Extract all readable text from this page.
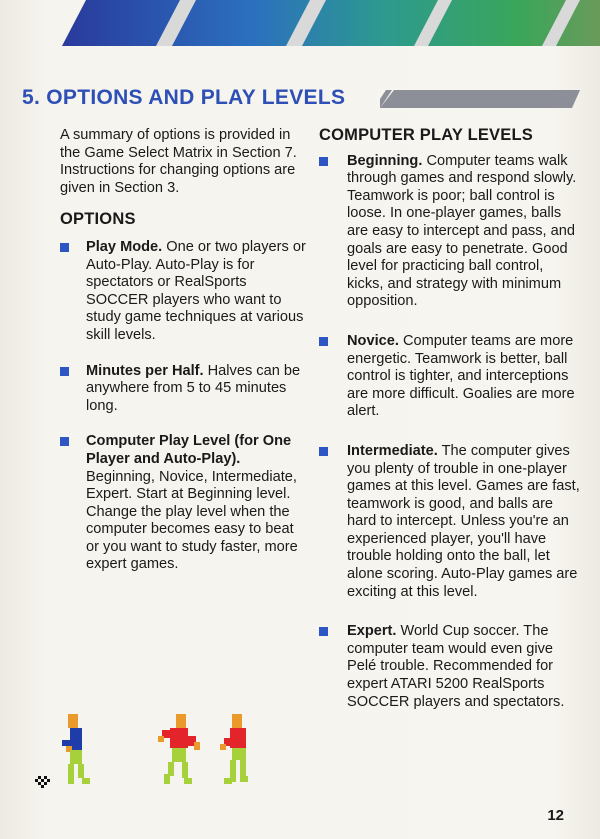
5. OPTIONS AND PLAY LEVELS

A summary of options is provided in the Game Select Matrix in Section 7. Instructions for changing options are given in Section 3.

OPTIONS
Play Mode. One or two players or Auto-Play. Auto-Play is for spectators or RealSports SOCCER players who want to study game techniques at various skill levels.
Minutes per Half. Halves can be anywhere from 5 to 45 minutes long.
Computer Play Level (for One Player and Auto-Play). Beginning, Novice, Intermediate, Expert. Start at Beginning level. Change the play level when the computer becomes easy to beat or you want to study faster, more expert games.
COMPUTER PLAY LEVELS
Beginning. Computer teams walk through games and respond slowly. Teamwork is poor; ball control is loose. In one-player games, balls are easy to intercept and pass, and goals are easy to penetrate. Good level for practicing ball control, kicks, and strategy with minimum opposition.
Novice. Computer teams are more energetic. Teamwork is better, ball control is tighter, and interceptions are more difficult. Goalies are more alert.
Intermediate. The computer gives you plenty of trouble in one-player games at this level. Games are fast, teamwork is good, and balls are hard to intercept. Unless you're an experienced player, you'll have trouble holding onto the ball, let alone scoring. Auto-Play games are exciting at this level.
Expert. World Cup soccer. The computer team would even give Pelé trouble. Recommended for expert ATARI 5200 RealSports SOCCER players and spectators.
12
